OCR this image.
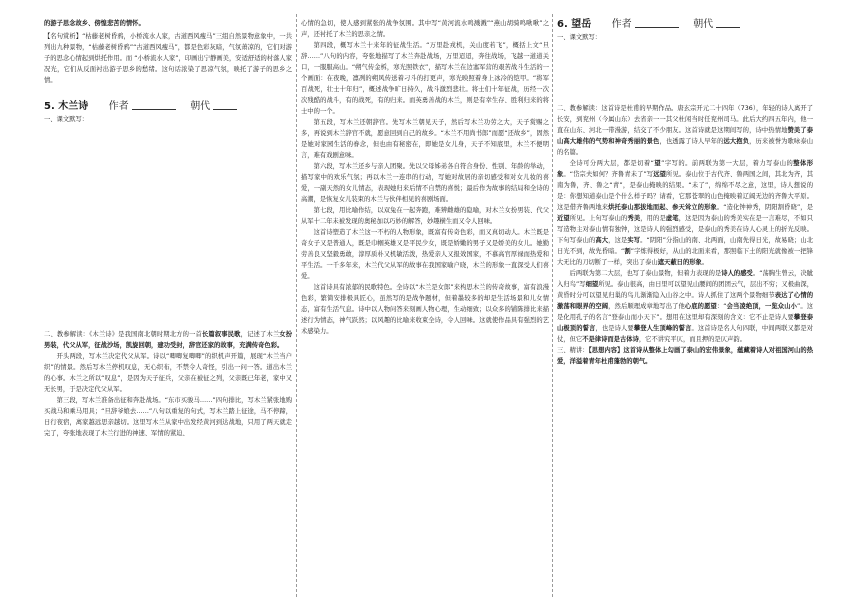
的游子思念故乡、傍惶悲苦的情怀。

【名句赏析】“枯藤老树昏鸦，小桥流水人家，古道西风瘦马”三组自然景物意象中，一共列出九种景物，“枯藤老树昏鸦”“古道西风瘦马”，都是色彩灰暗，气氛萧凉的，它们对游子的思念心情起到烘托作用。而 “小桥流水人家”，印画出宁静画美，安适舒适的村落人家况光，它们从反面衬出游子思乡的愁绪。这句话浓染了思凉气氛，映托了游子的思乡之情。

5. 木兰诗 作者	朝代

一、课文默写：

二、教参解读：《木兰诗》是我国南北朝时期北方的一首长篇叙事民歌，记述了木兰女扮男装，代父从军，征战沙场，凯旋回朝，建功受封，辞官还家的故事，充满传奇色彩。

开头两段，写木兰决定代父从军。诗以“唧唧复唧唧”的织机声开篇，展现“木兰当户织”的情景。然后写木兰停机叹息，无心织布，不禁令人奇怪，引出一问一答。道出木兰的心事。木兰之所以“叹息”，是因为天子征兵，父亲在被征之列，父亲既已年老，家中又无长男，于是决定代父从军。

第三段，写木兰准备出征和奔赴战场。“东市买骏马……”四句排比，写木兰紧张地购买战马和乘马用具；“旦辞爷娘去……”八句以重复的句式，写木兰踏上征途，马不停蹄，日行夜宿，离家越远思亲越切。这里写木兰从家中出发经黄河到达战地，只用了两天就走完了，夸张地表现了木兰行进的神速、军情的紧迫、

心情的急切，使人感到紧张的战争氛围。其中写“黄河流水鸣溅溅”“燕山胡骑鸣啾啾”之声，还衬托了木兰的思亲之情。

第四段，概写木兰十来年的征战生活。“万里赴戎机，关山度若飞”，概括上文“旦辞……”八句的内容，夸张地描写了木兰奔赴战场，万里迢迢，奔往战场，飞越一道道关口，一服服高山。“朔气传金柝，寒光照铁衣”，描写木兰在边塞军营的艰苦战斗生活的一个画面：在夜晚，凛冽的朔风传送着刁斗的打更声，寒光映照着身上冰冷的铠甲。“将军百战死，壮士十年归”，概述战争旷日持久，战斗激烈悲壮。将士们十年征战，历经一次次残酷的战斗，有的战死，有的归来。而英勇善战的木兰，则是有幸生存、胜利归来的将士中的一个。

第五段，写木兰还朝辞官。先写木兰朝见天子，然后写木兰功劳之大，天子赏赐之多，再说到木兰辞官不就，愿意回到自己的故乡。“木兰不用尚书郎”而愿“还故乡”，固然是她对家园生活的眷念，但也由有秘密在，即她是女儿身，天子不知底里，木兰不便明言，难有戏剧意味。

第六段，写木兰还乡与亲人团聚。先以父母姊弟各自符合身份、性别、年龄的举动，描写家中的欢乐气氛；再以木兰一连串的行动，写她对故居的亲切感受和对女儿妆的喜爱，一副天然的女儿情态，表现她归来后情不自禁的喜悦；最后作为故事的结局和全诗的高潮，是恢复女儿装束的木兰与伙伴相见的喜剧场面。

第七段，用比喻作结，以双兔在一起奔跑，难辨雌雄的隐喻，对木兰女扮男装、代父从军十二年未被发现的奥秘加以巧妙的解答，妙趣横生而又令人回味。

这首诗塑造了木兰这一不朽的人物形象，既富有传奇色彩，而又真切动人。木兰既是奇女子又是普通人，既是巾帼英雄又是平民少女，既是娇嫩的男子又是娇美的女儿。她勤劳善良又坚毅勇敢，淳厚质朴又机敏活泼，热爱亲人又报效国家，不慕高官厚禄而热爱和平生活。一千多年来，木兰代父从军的故事在我国家喻户晓，木兰的形象一直深受人们喜爱。

这首诗具有浓郁的民歌特色。全诗以“木兰是女郎”来构思木兰的传奇故事，富有浪漫色彩，繁简安排极具匠心，虽然写的是战争题材，但着墨较多的却是生活场景和儿女情态，富有生活气息。诗中以人物问答来刻画人物心理，生动细致；以众多的铺陈排比来描述行为情态，神气跃然；以风趣的比喻来收束全诗，令人回味。这就使作品具有强烈的艺术感染力。

6. 望岳 作者	朝代

一、课文默写：

二、教参解读：这首诗是杜甫的早期作品。唐玄宗开元二十四年（736），年轻的诗人离开了长安，到兖州（今属山东）去省亲一一其父杜闲当时任兖州司马。此后大约四五年内，他一直在山东、河北一带漫游，结交了不少朋友。这首诗就是这期间写的，诗中热情地赞美了泰山高大雄伟的气势和神奇秀丽的景色，也透露了诗人早年的远大抱负，历来被誉为歌咏泰山的名篇。

全诗可分两大层，都是切着“望”字写的。前两联为第一大层，着力写泰山的整体形象。“岱宗夫如何？齐鲁青未了”写远望所见。泰山位于古代齐、鲁两国之间，其北为齐，其南为鲁，齐、鲁之“青”，是泰山掩映的结果。“未了”，绵绵不尽之意，这里，诗人想说的是：你想知道泰山是个什么样子吗？请看，它那苍翠的山色掩映着辽阔无边的齐鲁大平原。这是借齐鲁两地来烘托泰山那拔地而起、参天耸立的形象。“造化钟神秀，阴阳割昏晓”，是近望所见。上句写泰山的秀美，用的是虚笔，这是因为泰山的秀美实在是一言难尽，不如只写造物主对泰山情有独钟，这是诗人的强烈感受，是泰山的秀美在诗人心灵上的折光反映。下句写泰山的高大，这是实写。“阴阳”分指山的南、北两面，山南先得日光，故易晓；山北日光不到，故先昏暗。“割”字炼得极好，从山的北面来看，那照临下土的阳光就像被一把锋大无比的刀切断了一样，突出了泰山遮天蔽日的形象。

后两联为第二大层，也写了泰山景物，但着力表现的是诗人的感受。“荡胸生曾云，决眦入归鸟”写细望所见。泰山很高，由日里可以望见山腰间的团团云气，层出不穷；又极曲深，黄昏时分可以望见归巢的鸟儿渐渐隐入山谷之中。诗人抓住了这两个景物细节表达了心情的激荡和眼界的空阔，然后顺理成章地写出了他心底的愿望：“会当凌绝顶，一览众山小”。这是化用孔子的名言“登泰山而小天下”。想用在这里却有深刻的含义：它不止是诗人要攀登泰山极顶的誓言，也是诗人要攀登人生顶峰的誓言。这首诗是名人句四联，中间两联又都是对仗，但它不是律诗而是古体诗，它不讲究平仄，而且押的是仄声韵。

三、精讲：【思想内容】这首诗从整体上勾画了泰山的宏伟景象，蕴藏着诗人对祖国河山的热爱，洋溢着青年杜甫蓬勃的朝气。
